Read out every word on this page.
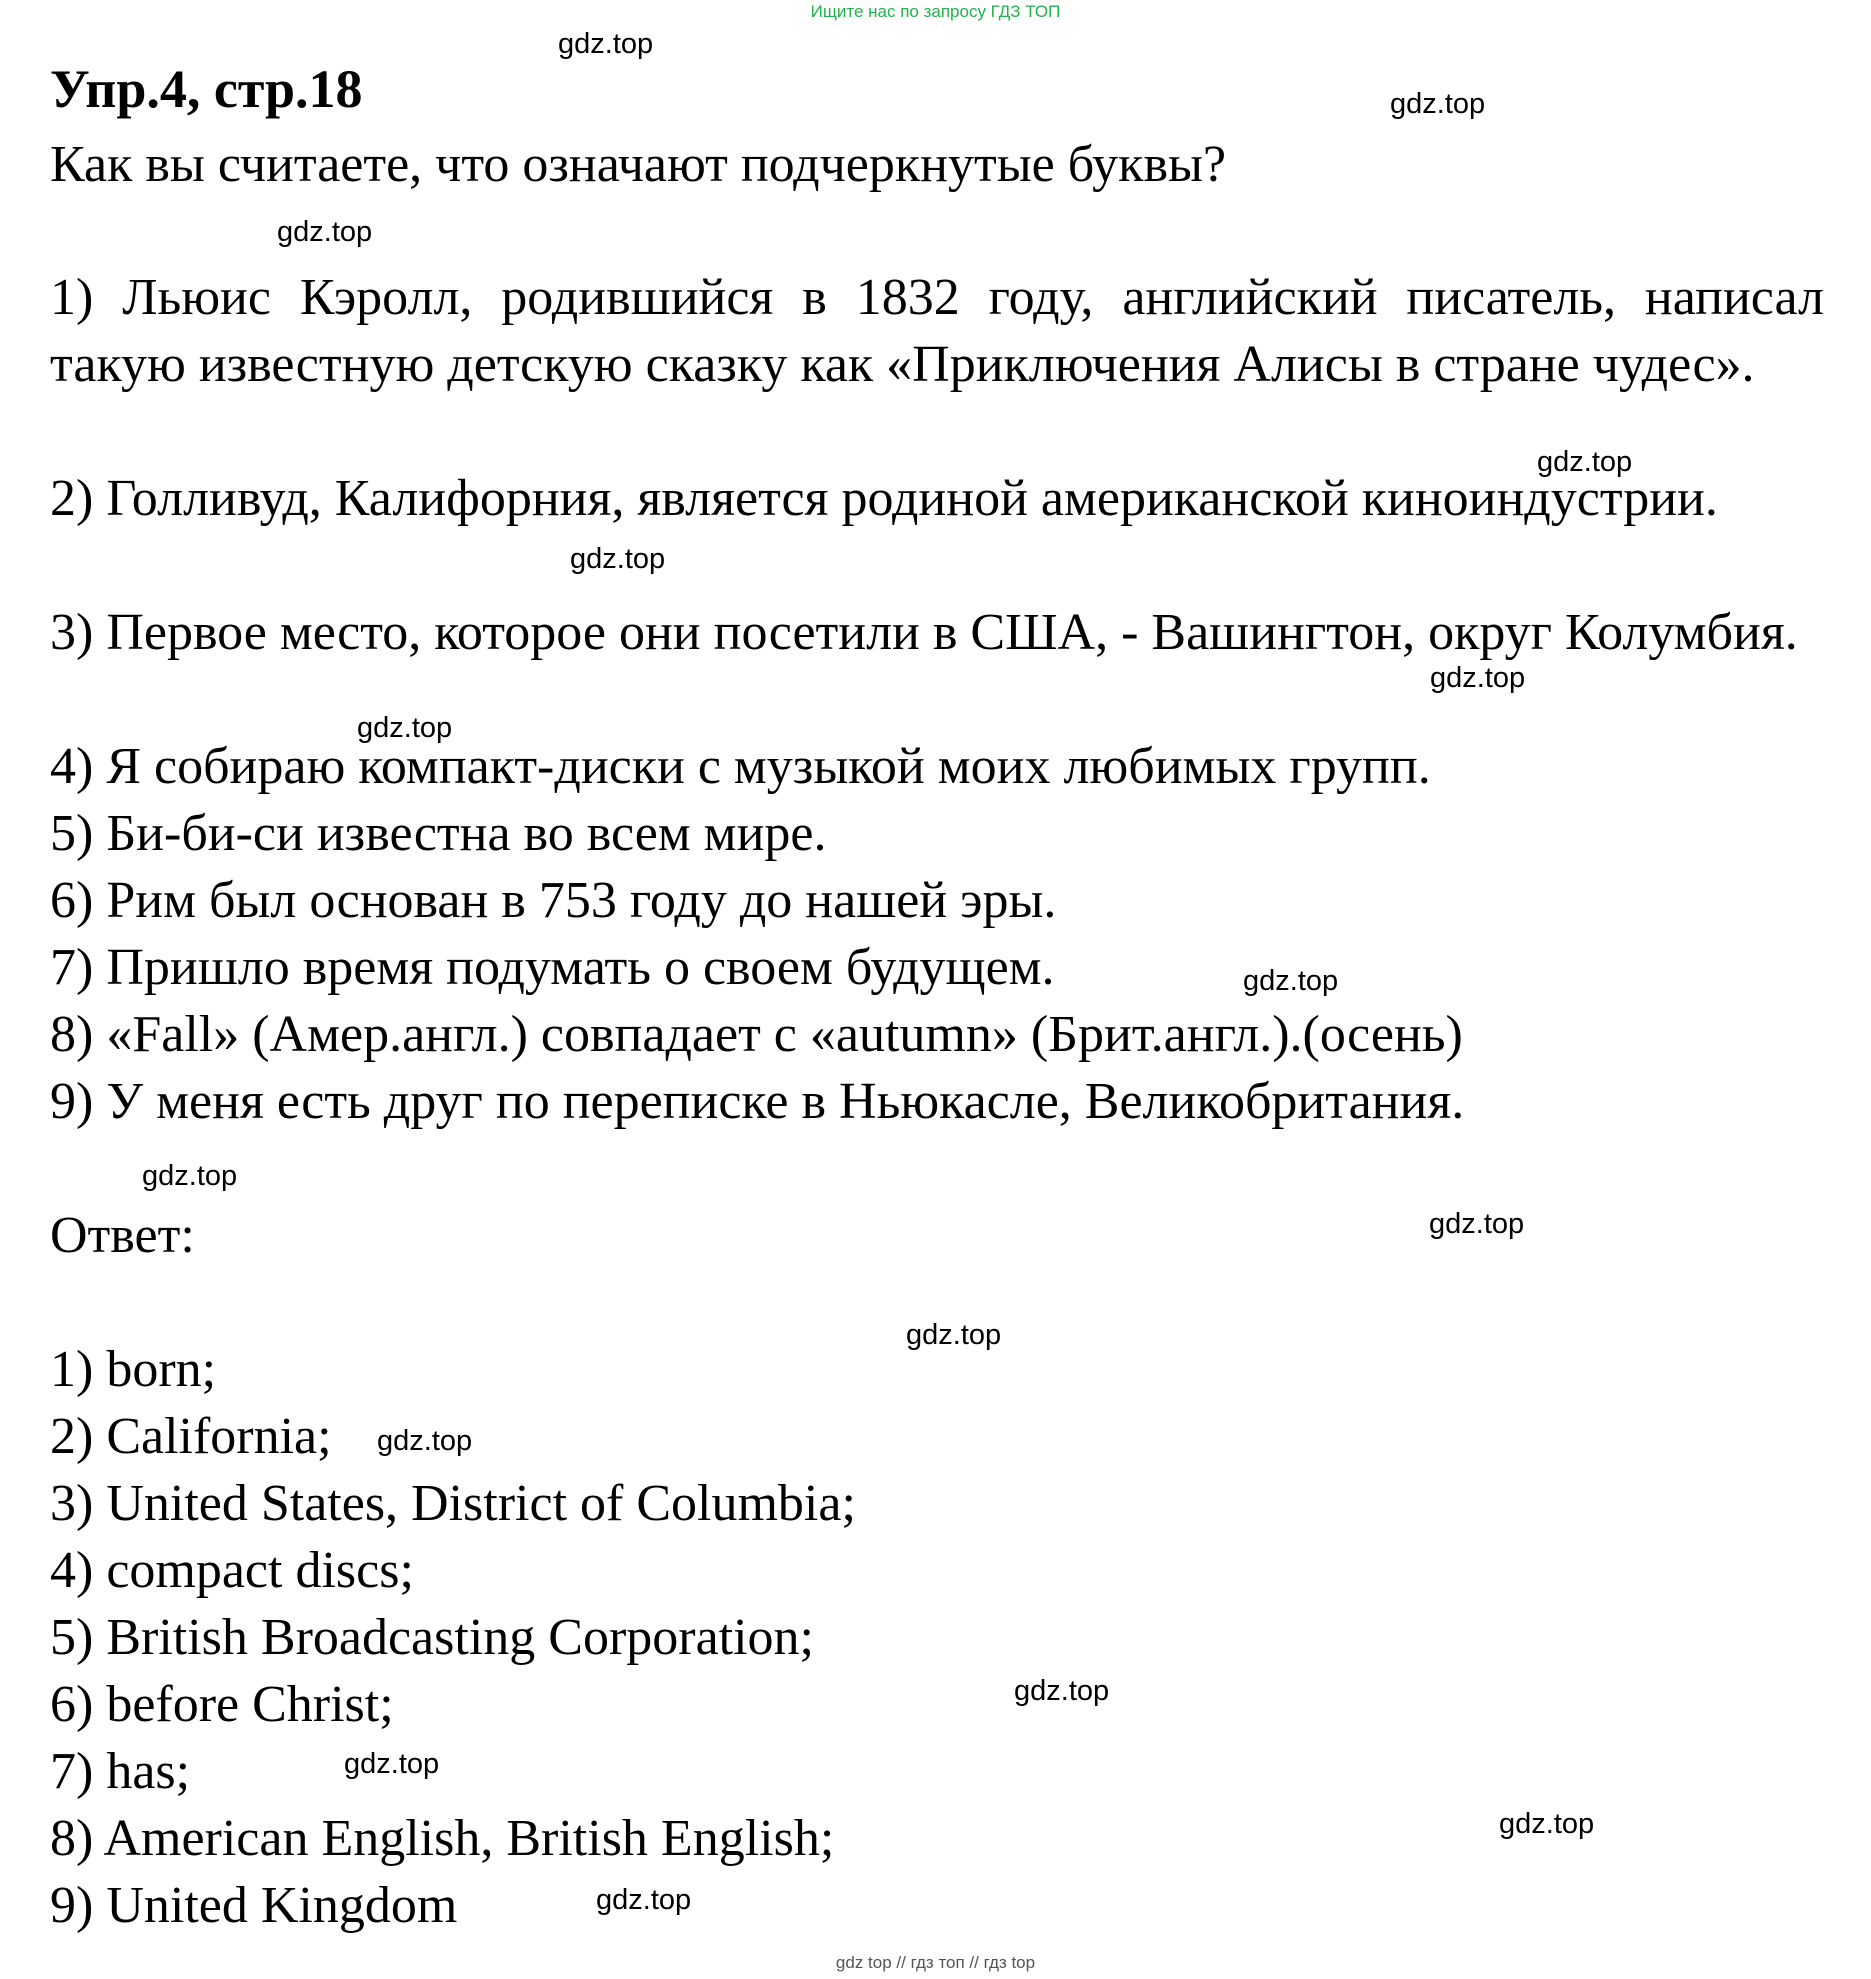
Ищите нас по запросу ГДЗ ТОП
gdz.top
gdz.top
gdz.top
gdz.top
gdz.top
gdz.top
gdz.top
gdz.top
gdz.top
gdz.top
gdz.top
gdz.top
gdz.top
gdz.top
gdz.top
gdz.top
Упр.4, стр.18
Как вы считаете, что означают подчеркнутые буквы?
1) Льюис Кэролл, родившийся в 1832 году, английский писатель, написал такую известную детскую сказку как «Приключения Алисы в стране чудес».
2) Голливуд, Калифорния, является родиной американской киноиндустрии.
3) Первое место, которое они посетили в США, - Вашингтон, округ Колумбия.
4) Я собираю компакт-диски с музыкой моих любимых групп.
5) Би-би-си известна во всем мире.
6) Рим был основан в 753 году до нашей эры.
7) Пришло время подумать о своем будущем.
8) «Fall» (Амер.англ.) совпадает с «autumn» (Брит.англ.).(осень)
9) У меня есть друг по переписке в Ньюкасле, Великобритания.
Ответ:
1) born;
2) California;
3) United States, District of Columbia;
4) compact discs;
5) British Broadcasting Corporation;
6) before Christ;
7) has;
8) American English, British English;
9) United Kingdom
gdz top // гдз топ // гдз top
